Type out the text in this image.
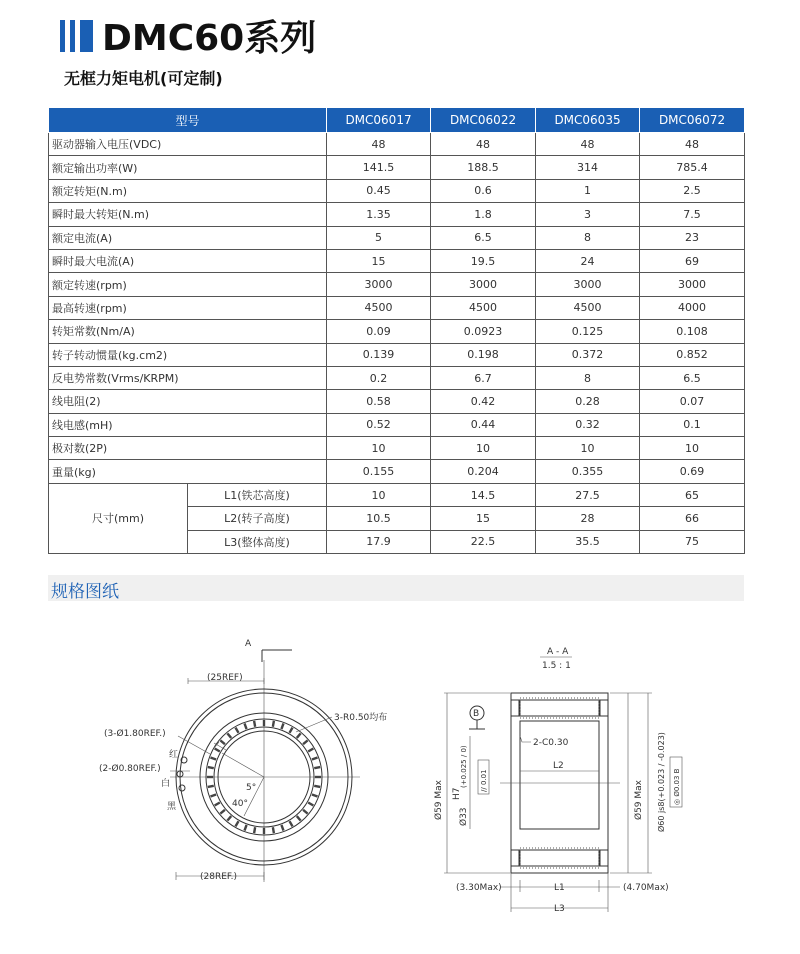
DMC60系列
无框力矩电机(可定制)
型号		DMC06017	DMC06022	DMC06035	DMC06072
驱动器输入电压(VDC)		48	48	48	48
额定输出功率(W)		141.5	188.5	314	785.4
额定转矩(N.m)		0.45	0.6	1	2.5
瞬时最大转矩(N.m)		1.35	1.8	3	7.5
额定电流(A)		5	6.5	8	23
瞬时最大电流(A)		15	19.5	24	69
额定转速(rpm)		3000	3000	3000	3000
最高转速(rpm)		4500	4500	4500	4000
转矩常数(Nm/A)		0.09	0.0923	0.125	0.108
转子转动惯量(kg.cm2)		0.139	0.198	0.372	0.852
反电势常数(Vrms/KRPM)		0.2	6.7	8	6.5
线电阻(2)		0.58	0.42	0.28	0.07
线电感(mH)		0.52	0.44	0.32	0.1
极对数(2P)		10	10	10	10
重量(kg)		0.155	0.204	0.355	0.69
尺寸(mm)	L1(铁芯高度)	10	14.5	27.5	65
	L2(转子高度)	10.5	15	28	66
	L3(整体高度)	17.9	22.5	35.5	75

规格图纸
A
5°
40°
(25REF)
(28REF.)
(3-Ø1.80REF.)
(2-Ø0.80REF.)
3-R0.50均布
红
白
黑
A - A
1.5 : 1
B
2-C0.30
L2
Ø59 Max Ø33
H7
(+0.025 / 0) // 0.01	Ø59 Max Ø60 js8(+0.023 / -0.023) ◎ Ø0.03 B
L1
(3.30Max)	(4.70Max)
L3
